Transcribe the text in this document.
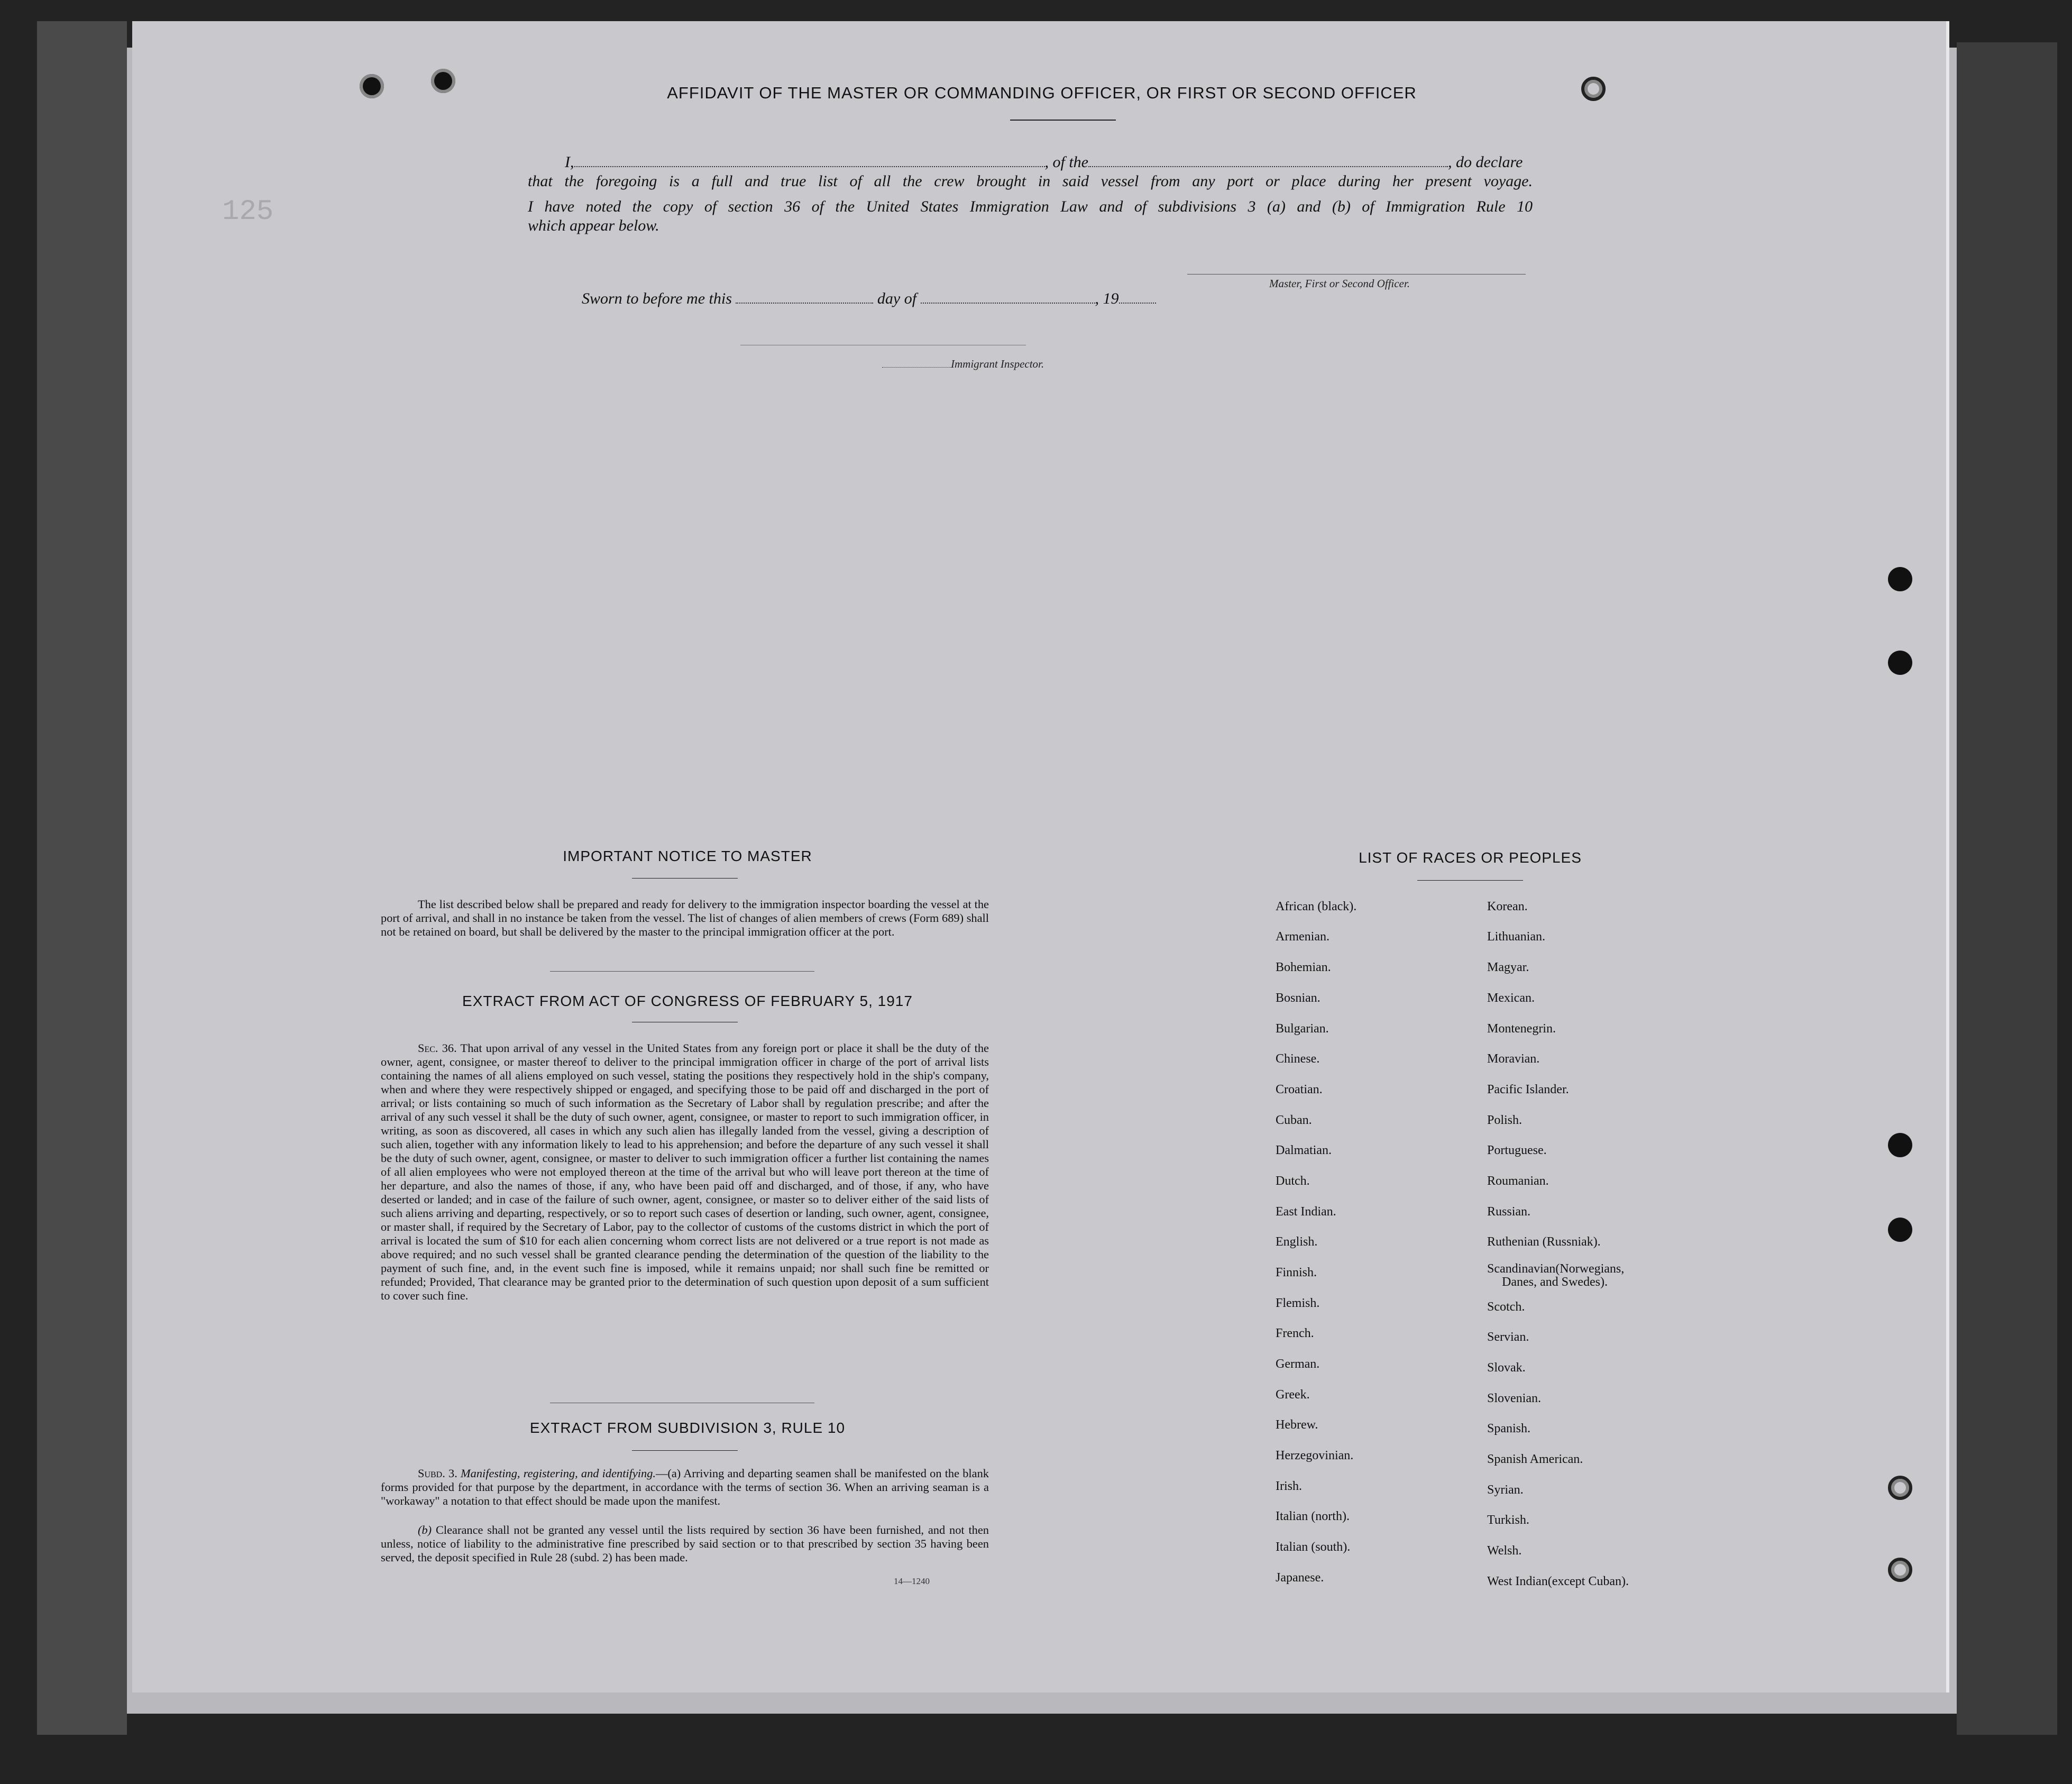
125
AFFIDAVIT OF THE MASTER OR COMMANDING OFFICER, OR FIRST OR SECOND OFFICER
I,	, of the	, do declare
that the foregoing is a full and true list of all the crew brought in said vessel from any port or place during her present voyage.
I have noted the copy of section 36 of the United States Immigration Law and of subdivisions 3 (a) and (b) of Immigration Rule 10
which appear below.
Master, First or Second Officer.
Sworn to before me this	day of	, 19
Immigrant Inspector.
IMPORTANT NOTICE TO MASTER
The list described below shall be prepared and ready for delivery to the immigration inspector boarding the vessel at the port of arrival, and shall in no instance be taken from the vessel. The list of changes of alien members of crews (Form 689) shall not be retained on board, but shall be delivered by the master to the principal immigration officer at the port.
EXTRACT FROM ACT OF CONGRESS OF FEBRUARY 5, 1917
Sec. 36. That upon arrival of any vessel in the United States from any foreign port or place it shall be the duty of the owner, agent, consignee, or master thereof to deliver to the principal immigration officer in charge of the port of arrival lists containing the names of all aliens employed on such vessel, stating the positions they respectively hold in the ship's company, when and where they were respectively shipped or engaged, and specifying those to be paid off and discharged in the port of arrival; or lists containing so much of such information as the Secretary of Labor shall by regulation prescribe; and after the arrival of any such vessel it shall be the duty of such owner, agent, consignee, or master to report to such immigration officer, in writing, as soon as discovered, all cases in which any such alien has illegally landed from the vessel, giving a description of such alien, together with any information likely to lead to his apprehension; and before the departure of any such vessel it shall be the duty of such owner, agent, consignee, or master to deliver to such immigration officer a further list containing the names of all alien employees who were not employed thereon at the time of the arrival but who will leave port thereon at the time of her departure, and also the names of those, if any, who have been paid off and discharged, and of those, if any, who have deserted or landed; and in case of the failure of such owner, agent, consignee, or master so to deliver either of the said lists of such aliens arriving and departing, respectively, or so to report such cases of desertion or landing, such owner, agent, consignee, or master shall, if required by the Secretary of Labor, pay to the collector of customs of the customs district in which the port of arrival is located the sum of $10 for each alien concerning whom correct lists are not delivered or a true report is not made as above required; and no such vessel shall be granted clearance pending the determination of the question of the liability to the payment of such fine, and, in the event such fine is imposed, while it remains unpaid; nor shall such fine be remitted or refunded; Provided, That clearance may be granted prior to the determination of such question upon deposit of a sum sufficient to cover such fine.
EXTRACT FROM SUBDIVISION 3, RULE 10
Subd. 3. Manifesting, registering, and identifying.—(a) Arriving and departing seamen shall be manifested on the blank forms provided for that purpose by the department, in accordance with the terms of section 36. When an arriving seaman is a "workaway" a notation to that effect should be made upon the manifest.
(b) Clearance shall not be granted any vessel until the lists required by section 36 have been furnished, and not then unless, notice of liability to the administrative fine prescribed by said section or to that prescribed by section 35 having been served, the deposit specified in Rule 28 (subd. 2) has been made.
14—1240
LIST OF RACES OR PEOPLES
African (black).
Armenian.
Bohemian.
Bosnian.
Bulgarian.
Chinese.
Croatian.
Cuban.
Dalmatian.
Dutch.
East Indian.
English.
Finnish.
Flemish.
French.
German.
Greek.
Hebrew.
Herzegovinian.
Irish.
Italian (north).
Italian (south).
Japanese.
Korean.
Lithuanian.
Magyar.
Mexican.
Montenegrin.
Moravian.
Pacific Islander.
Polish.
Portuguese.
Roumanian.
Russian.
Ruthenian (Russniak).
Scandinavian(Norwegians,
Danes, and Swedes).
Scotch.
Servian.
Slovak.
Slovenian.
Spanish.
Spanish American.
Syrian.
Turkish.
Welsh.
West Indian(except Cuban).
